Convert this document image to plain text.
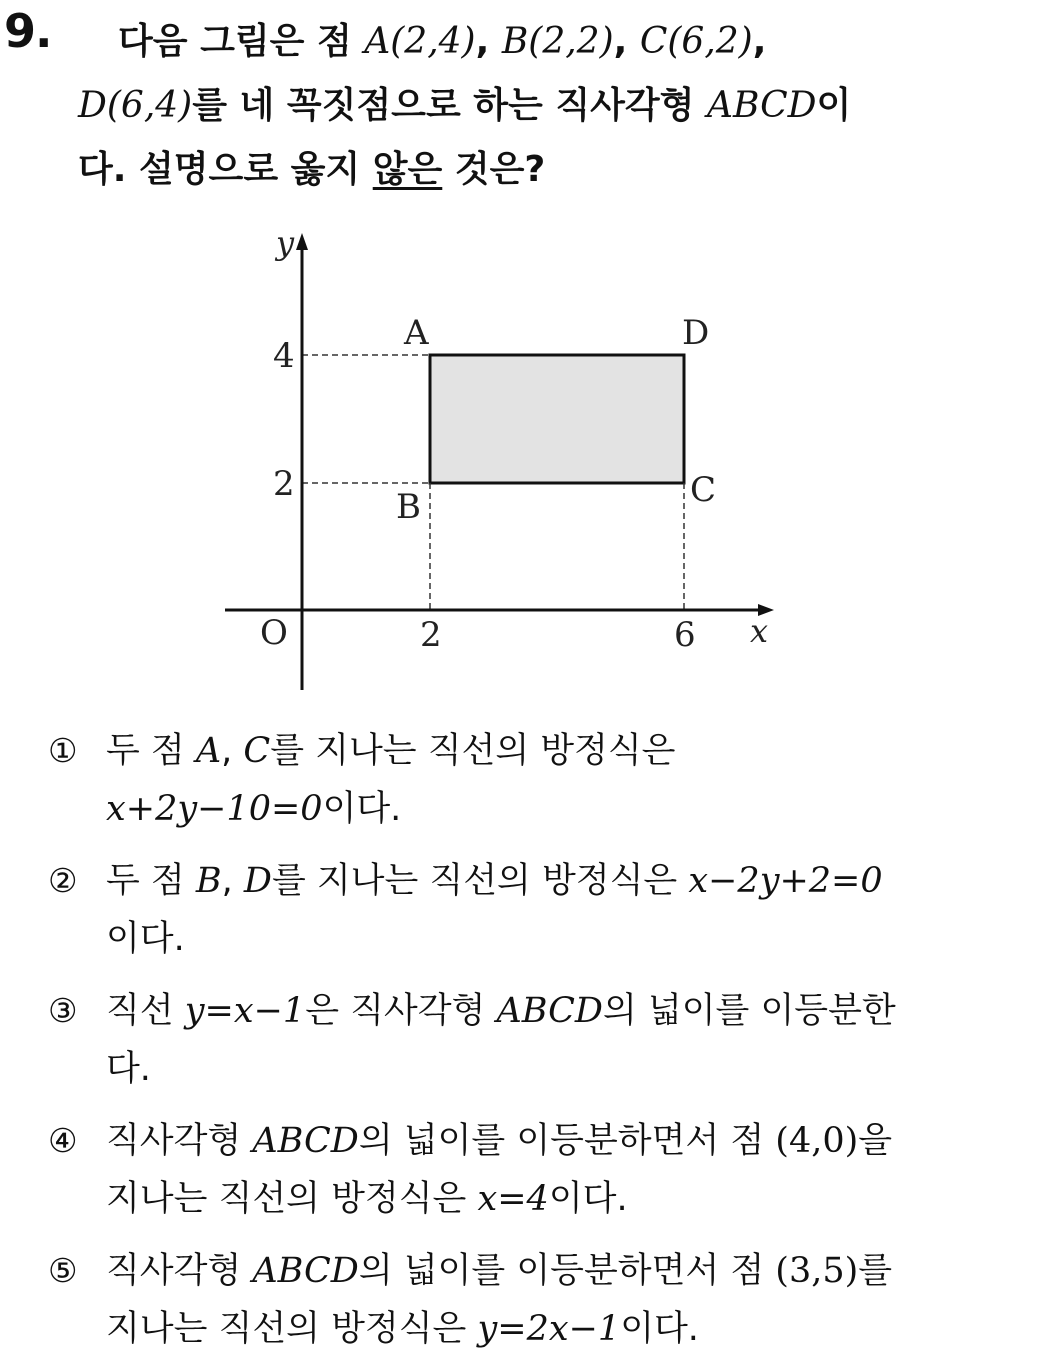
9.	다음 그림은 점 A(2,4), B(2,2), C(6,2),
D(6,4)를 네 꼭짓점으로 하는 직사각형 ABCD이
다. 설명으로 옳지 않은 것은?
y
x
O	2	6
4
2
A
B	C
D
① 두 점 A, C를 지나는 직선의 방정식은
x+2y−10=0이다.
② 두 점 B, D를 지나는 직선의 방정식은 x−2y+2=0
이다.
③ 직선 y=x−1은 직사각형 ABCD의 넓이를 이등분한
다.
④ 직사각형 ABCD의 넓이를 이등분하면서 점 (4,0)을
지나는 직선의 방정식은 x=4이다.
⑤ 직사각형 ABCD의 넓이를 이등분하면서 점 (3,5)를
지나는 직선의 방정식은 y=2x−1이다.
